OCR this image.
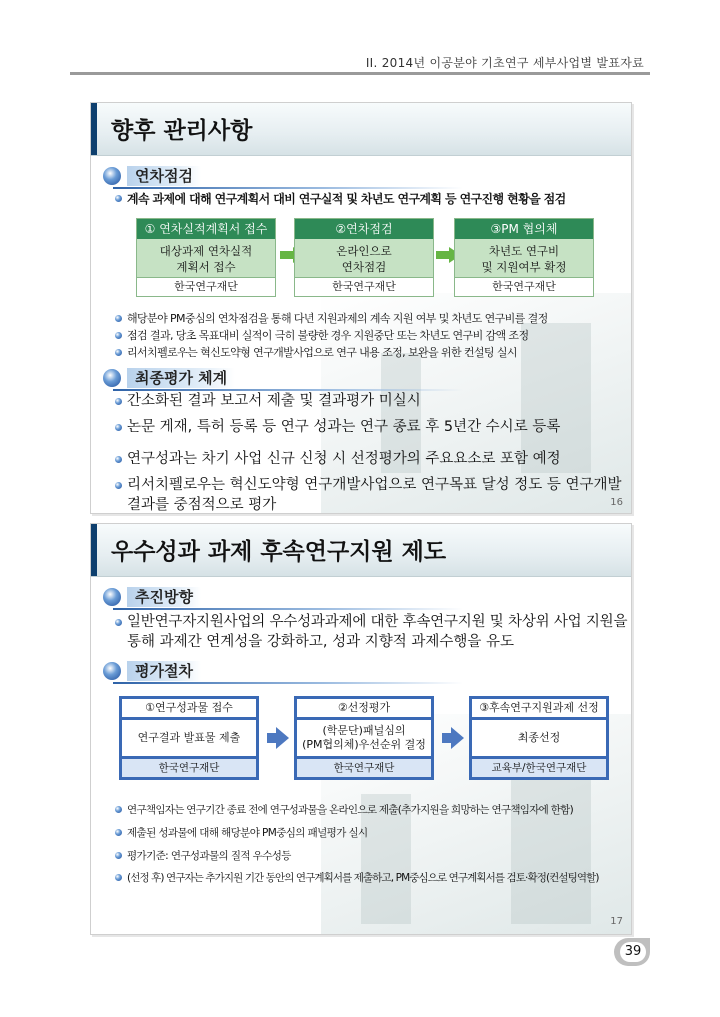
II. 2014년 이공분야 기초연구 세부사업별 발표자료
향후 관리사항
연차점검
계속 과제에 대해 연구계획서 대비 연구실적 및 차년도 연구계획 등 연구진행 현황을 점검
① 연차실적계획서 접수
대상과제 연차실적
계획서 접수
한국연구재단
②연차점검
온라인으로
연차점검
한국연구재단
③PM 협의체
차년도 연구비
및 지원여부 확정
한국연구재단
해당분야 PM중심의 연차점검을 통해 다년 지원과제의 계속 지원 여부 및 차년도 연구비를 결정
점검 결과, 당초 목표대비 실적이 극히 불량한 경우 지원중단 또는 차년도 연구비 감액 조정
리서치펠로우는 혁신도약형 연구개발사업으로 연구 내용 조정, 보완을 위한 컨설팅 실시
최종평가 체계
간소화된 결과 보고서 제출 및 결과평가 미실시
논문 게재, 특허 등록 등 연구 성과는 연구 종료 후 5년간 수시로 등록
연구성과는 차기 사업 신규 신청 시 선정평가의 주요요소로 포함 예정
리서치펠로우는 혁신도약형 연구개발사업으로 연구목표 달성 정도 등 연구개발
결과를 중점적으로 평가	16
우수성과 과제 후속연구지원 제도
추진방향
일반연구자지원사업의 우수성과과제에 대한 후속연구지원 및 차상위 사업 지원을
통해 과제간 연계성을 강화하고, 성과 지향적 과제수행을 유도
평가절차
①연구성과물 접수
연구결과 발표물 제출
한국연구재단
②선정평가
(학문단)패널심의
(PM협의체)우선순위 결정
한국연구재단
③후속연구지원과제 선정
최종선정
교육부/한국연구재단
연구책임자는 연구기간 종료 전에 연구성과물을 온라인으로 제출(추가지원을 희망하는 연구책임자에 한함)
제출된 성과물에 대해 해당분야 PM중심의 패널평가 실시
평가기준: 연구성과물의 질적 우수성등
(선정 후) 연구자는 추가지원 기간 동안의 연구계획서를 제출하고, PM중심으로 연구계획서를 검토·확정(컨설팅역할)
17
39
